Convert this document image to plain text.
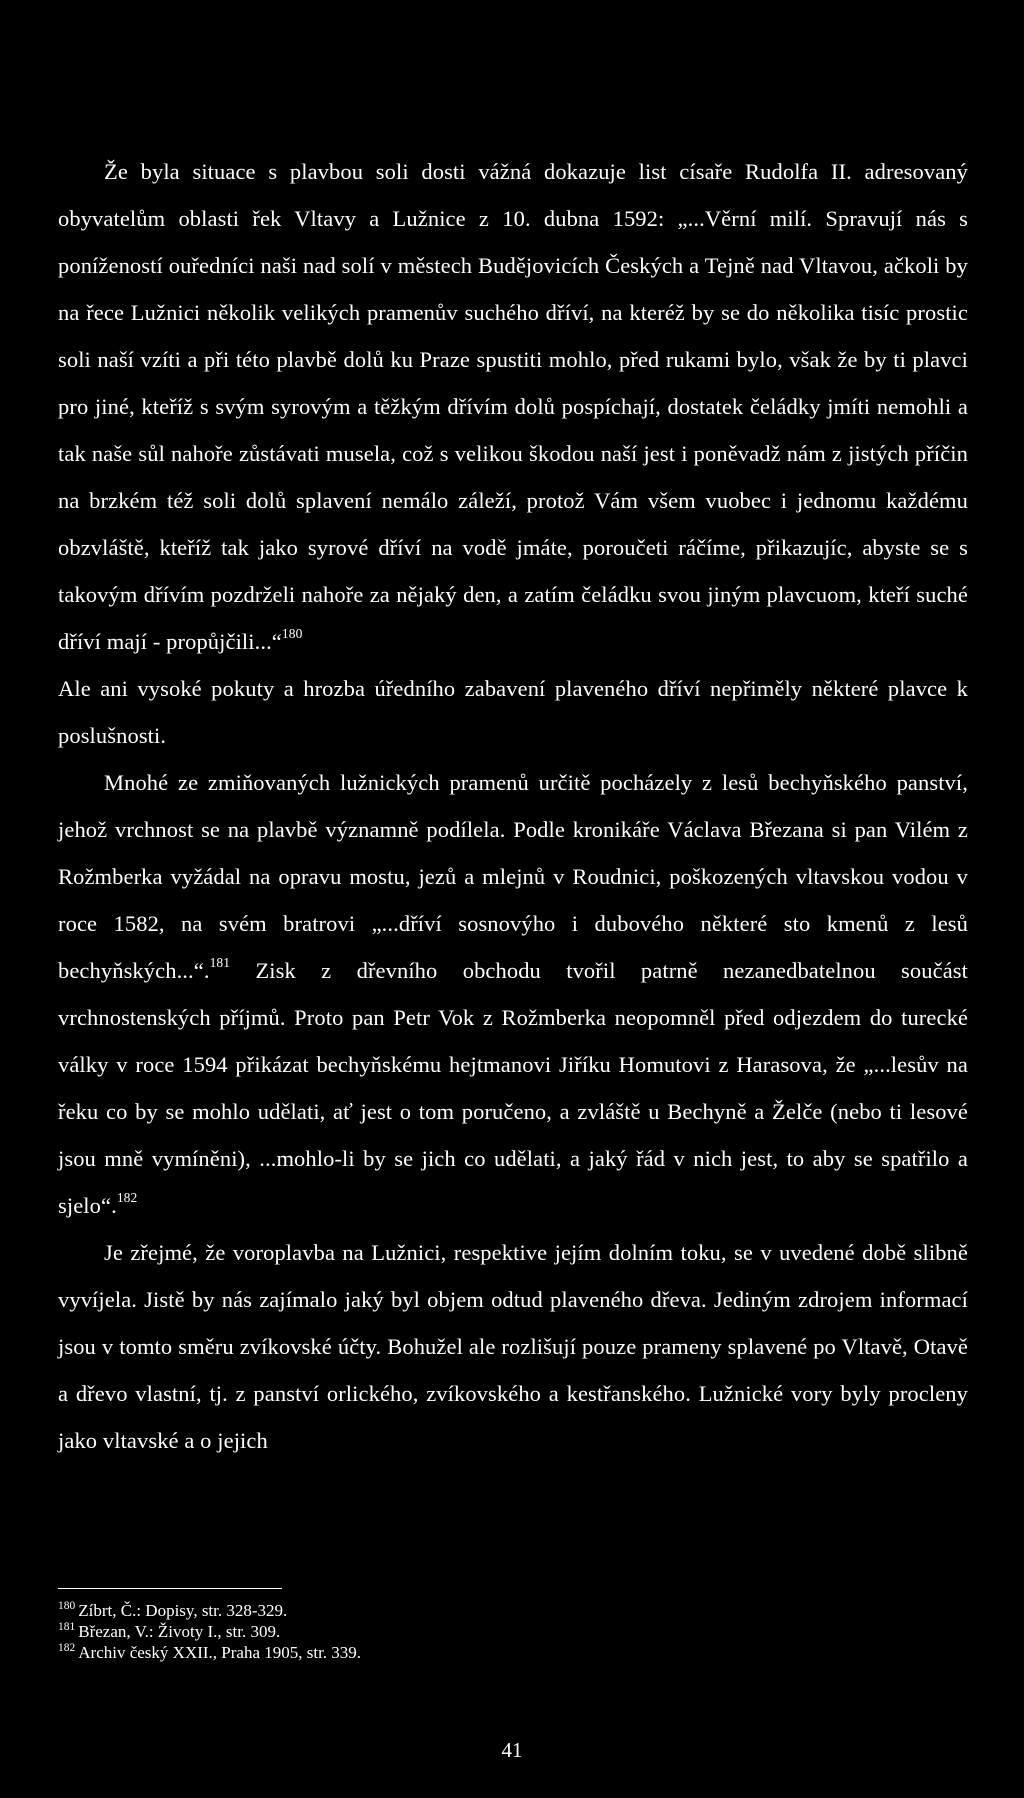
Že byla situace s plavbou soli dosti vážná dokazuje list císaře Rudolfa II. adresovaný obyvatelům oblasti řek Vltavy a Lužnice z 10. dubna 1592: „...Věrní milí. Spravují nás s ponížeností ouředníci naši nad solí v městech Budějovicích Českých a Tejně nad Vltavou, ačkoli by na řece Lužnici několik velikých pramenův suchého dříví, na kteréž by se do několika tisíc prostic soli naší vzíti a při této plavbě dolů ku Praze spustiti mohlo, před rukami bylo, však že by ti plavci pro jiné, kteříž s svým syrovým a těžkým dřívím dolů pospíchají, dostatek čeládky jmíti nemohli a tak naše sůl nahoře zůstávati musela, což s velikou škodou naší jest i poněvadž nám z jistých příčin na brzkém též soli dolů splavení nemálo záleží, protož Vám všem vuobec i jednomu každému obzvláště, kteříž tak jako syrové dříví na vodě jmáte, poroučeti ráčíme, přikazujíc, abyste se s takovým dřívím pozdrželi nahoře za nějaký den, a zatím čeládku svou jiným plavcuom, kteří suché dříví mají - propůjčili...“$^{180}$

Ale ani vysoké pokuty a hrozba úředního zabavení plaveného dříví nepřiměly některé plavce k poslušnosti.

Mnohé ze zmiňovaných lužnických pramenů určitě pocházely z lesů bechyňského panství, jehož vrchnost se na plavbě významně podílela. Podle kronikáře Václava Březana si pan Vilém z Rožmberka vyžádal na opravu mostu, jezů a mlejnů v Roudnici, poškozených vltavskou vodou v roce 1582, na svém bratrovi „...dříví sosnovýho i dubového některé sto kmenů z lesů bechyňských...“.$^{181}$ Zisk z dřevního obchodu tvořil patrně nezanedbatelnou součást vrchnostenských příjmů. Proto pan Petr Vok z Rožmberka neopomněl před odjezdem do turecké války v roce 1594 přikázat bechyňskému hejtmanovi Jiříku Homutovi z Harasova, že „...lesův na řeku co by se mohlo udělati, ať jest o tom poručeno, a zvláště u Bechyně a Želče (nebo ti lesové jsou mně vymíněni), ...mohlo-li by se jich co udělati, a jaký řád v nich jest, to aby se spatřilo a sjelo“.$^{182}$

Je zřejmé, že voroplavba na Lužnici, respektive jejím dolním toku, se v uvedené době slibně vyvíjela. Jistě by nás zajímalo jaký byl objem odtud plaveného dřeva. Jediným zdrojem informací jsou v tomto směru zvíkovské účty. Bohužel ale rozlišují pouze prameny splavené po Vltavě, Otavě a dřevo vlastní, tj. z panství orlického, zvíkovského a kestřanského. Lužnické vory byly procleny jako vltavské a o jejich

$^{180}$ Zíbrt, Č.: Dopisy, str. 328-329.
$^{181}$ Březan, V.: Životy I., str. 309.
$^{182}$ Archiv český XXII., Praha 1905, str. 339.
41
